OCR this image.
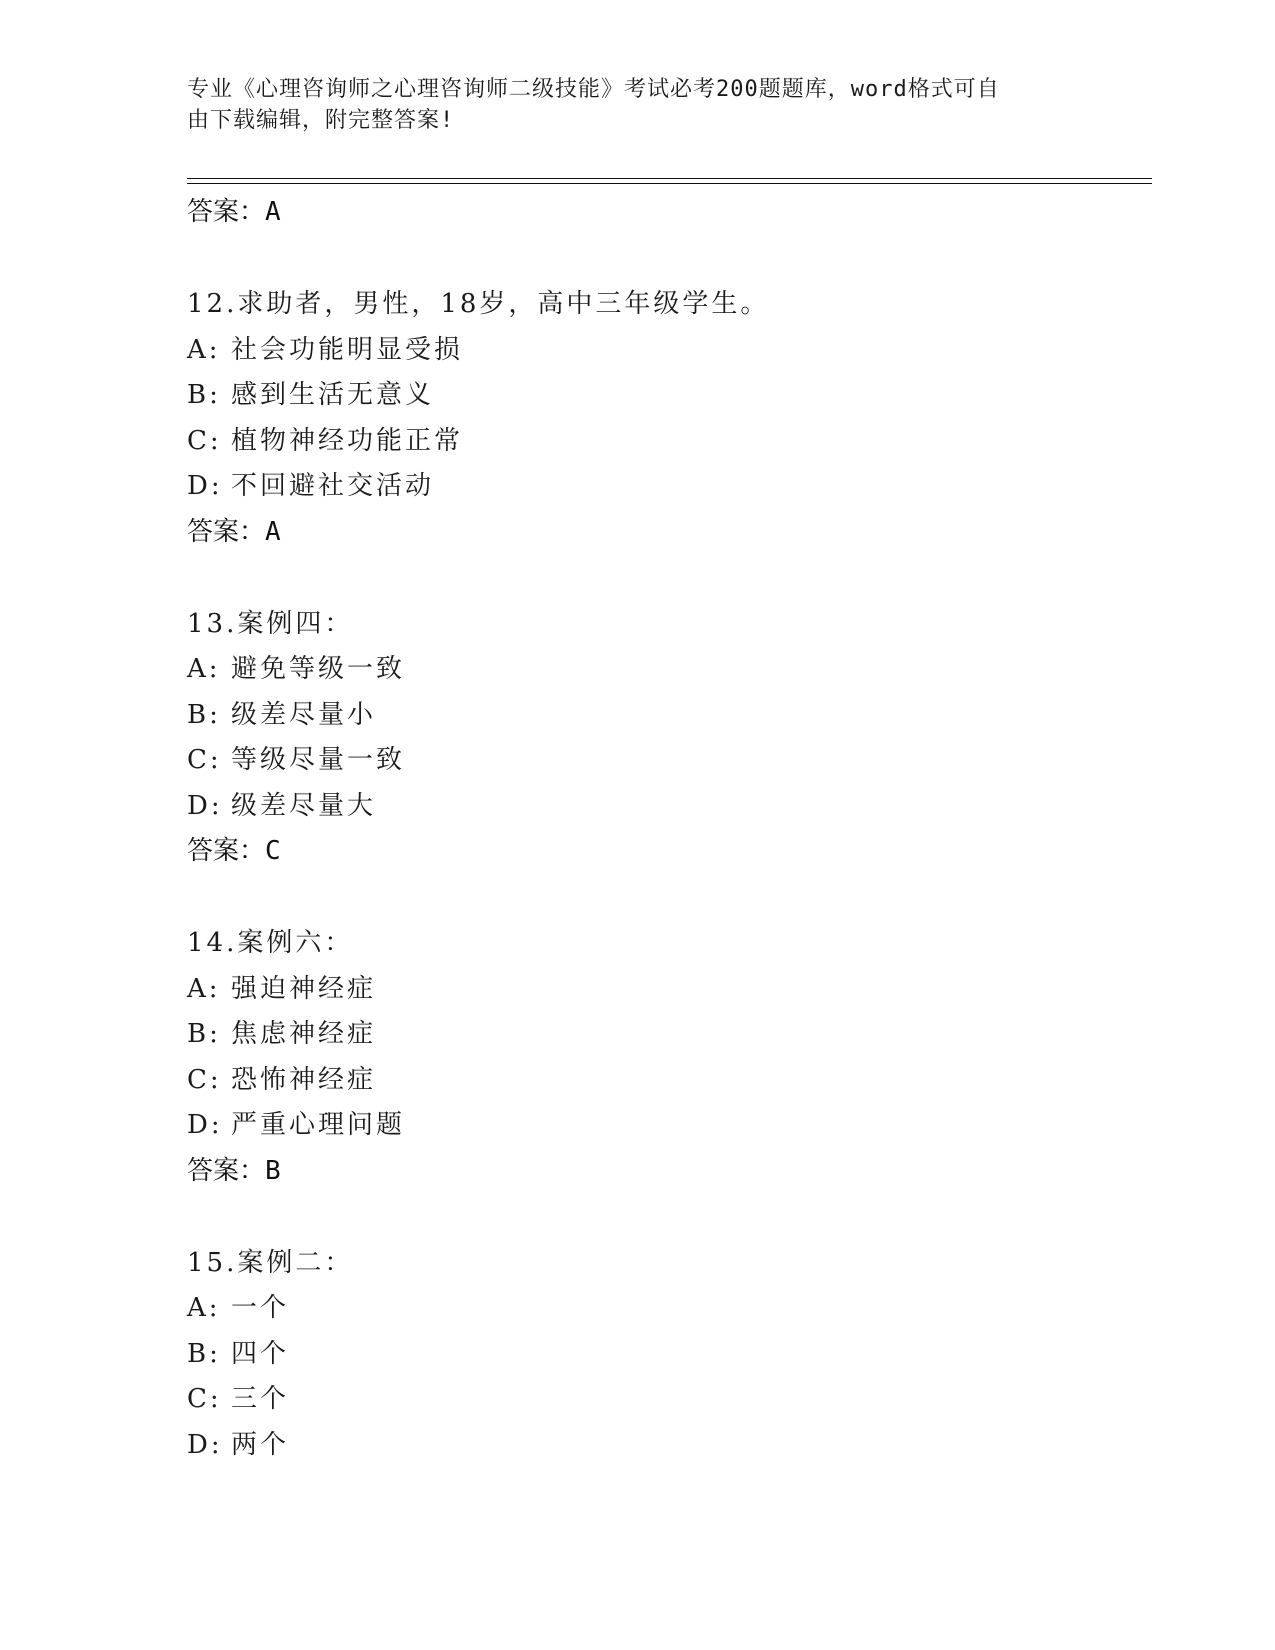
专业《心理咨询师之心理咨询师二级技能》考试必考200题题库，word格式可自
由下载编辑，附完整答案!
答案：A
12.求助者，男性，18岁，高中三年级学生。
A: 社会功能明显受损
B: 感到生活无意义
C: 植物神经功能正常
D: 不回避社交活动
答案：A
13.案例四：
A: 避免等级一致
B: 级差尽量小
C: 等级尽量一致
D: 级差尽量大
答案：C
14.案例六：
A: 强迫神经症
B: 焦虑神经症
C: 恐怖神经症
D: 严重心理问题
答案：B
15.案例二：
A: 一个
B: 四个
C: 三个
D: 两个
